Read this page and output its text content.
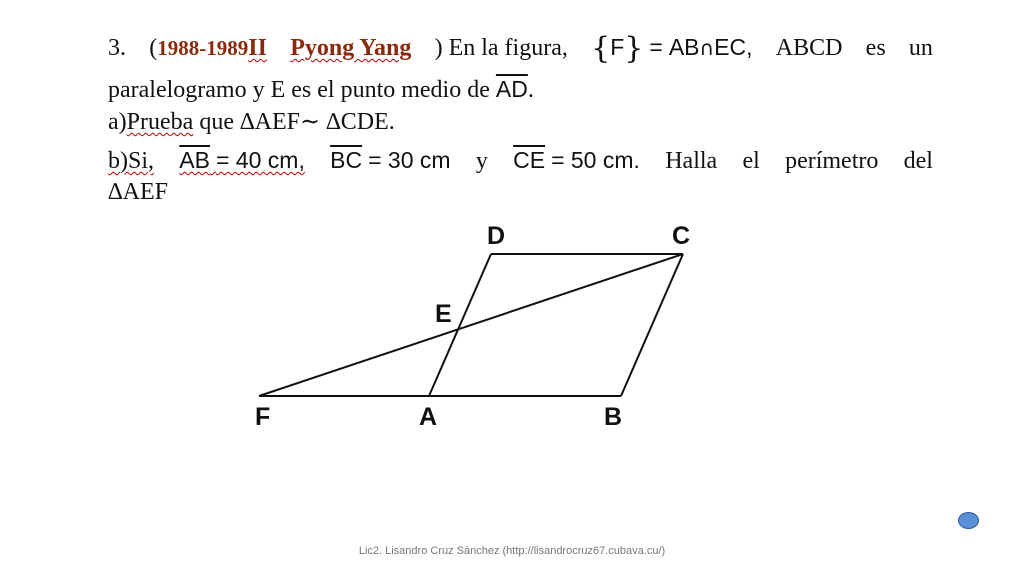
3. (1988-1989II Pyong Yang ) En la figura, {F} = AB∩EC, ABCD es un
paralelogramo y E es el punto medio de $\overline{AD}$.
a)Prueba que ∆AEF∼ ∆CDE.
b)Si, AB = 40 cm, $\overline{BC} = 30$ cm y $\overline{CE} = 50$ cm. Halla el perímetro del
∆AEF
D	C
E
F	A	B
Lic2. Lisandro Cruz Sánchez (http://lisandrocruz67.cubava.cu/)
